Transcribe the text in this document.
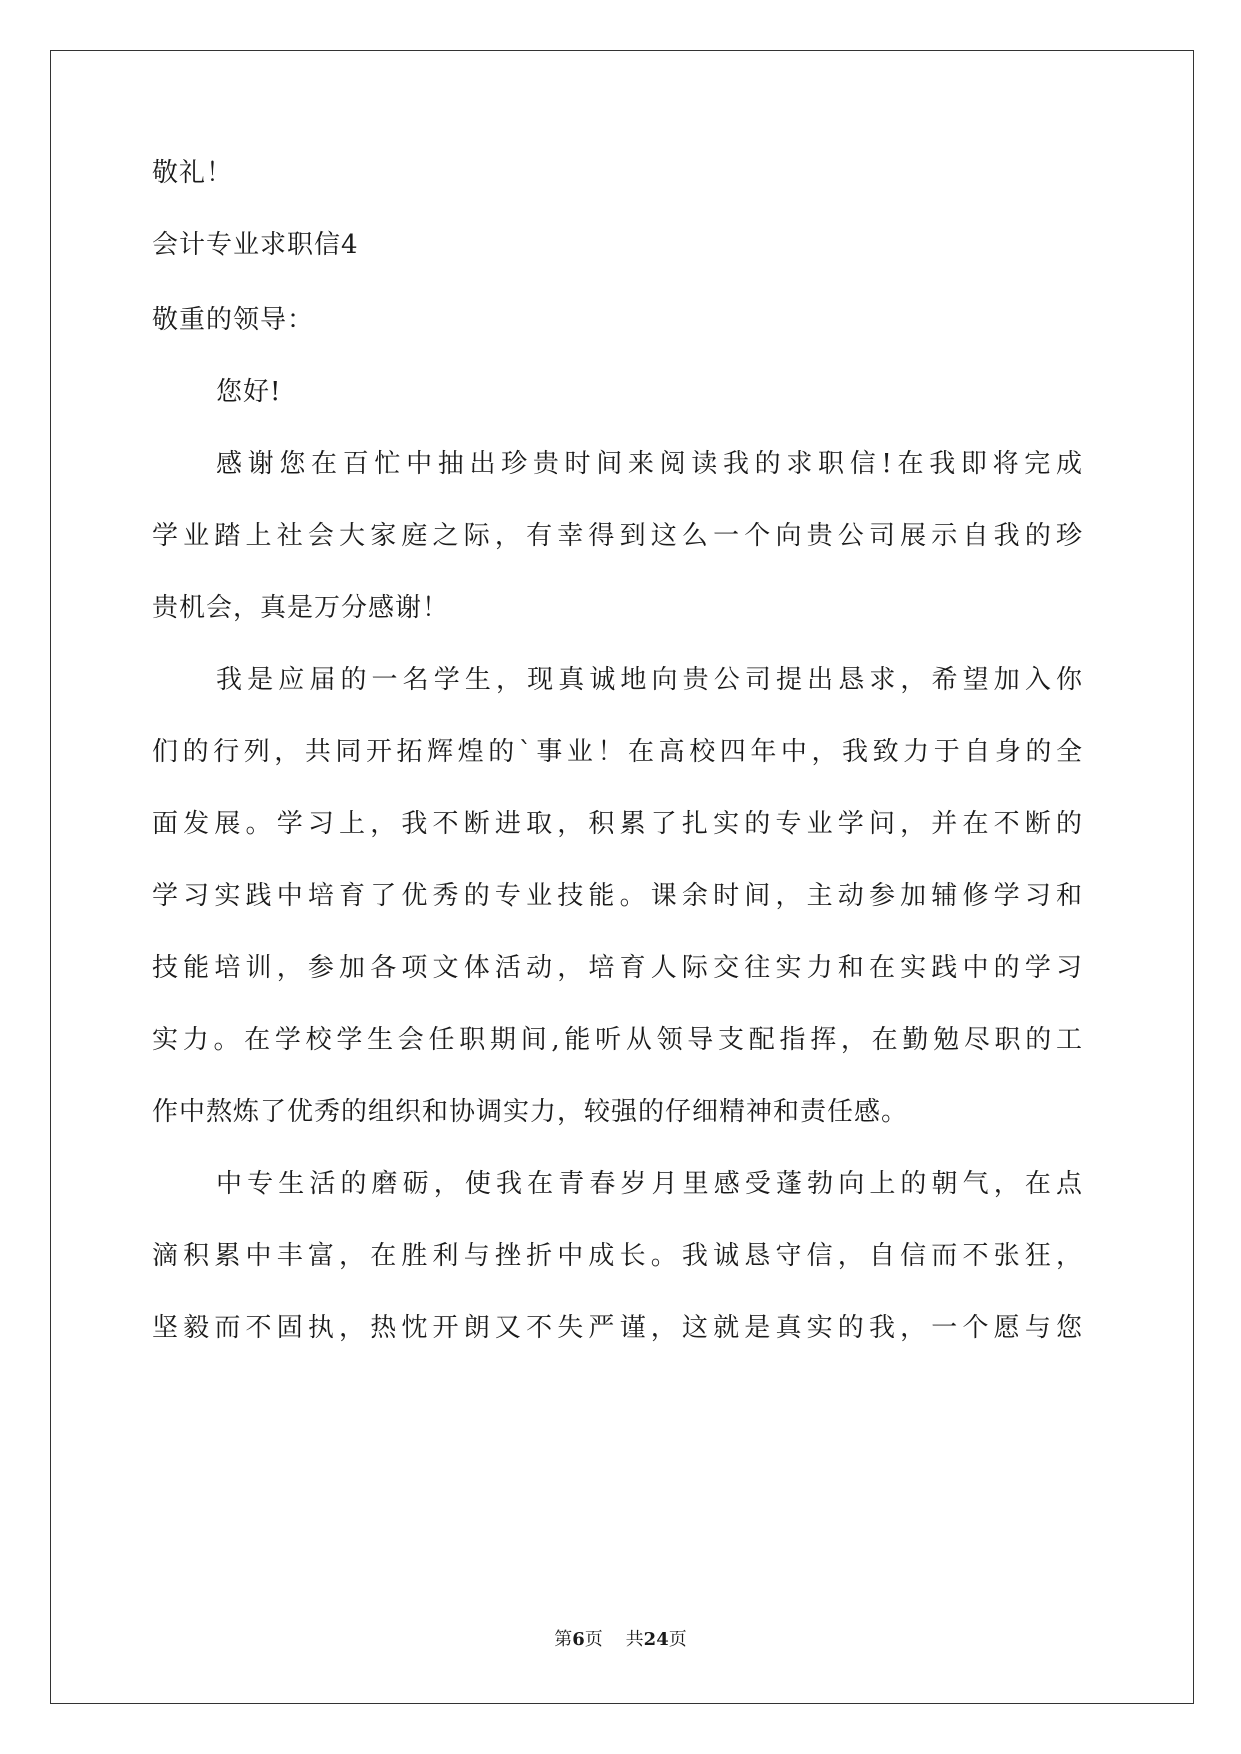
敬礼！
会计专业求职信4
敬重的领导：
您好!
感谢您在百忙中抽出珍贵时间来阅读我的求职信!在我即将完成
学业踏上社会大家庭之际，有幸得到这么一个向贵公司展示自我的珍
贵机会，真是万分感谢！
我是应届的一名学生，现真诚地向贵公司提出恳求，希望加入你
们的行列，共同开拓辉煌的`事业！在高校四年中，我致力于自身的全
面发展。学习上，我不断进取，积累了扎实的专业学问，并在不断的
学习实践中培育了优秀的专业技能。课余时间，主动参加辅修学习和
技能培训，参加各项文体活动，培育人际交往实力和在实践中的学习
实力。在学校学生会任职期间,能听从领导支配指挥，在勤勉尽职的工
作中熬炼了优秀的组织和协调实力，较强的仔细精神和责任感。
中专生活的磨砺，使我在青春岁月里感受蓬勃向上的朝气，在点
滴积累中丰富，在胜利与挫折中成长。我诚恳守信，自信而不张狂，
坚毅而不固执，热忱开朗又不失严谨，这就是真实的我，一个愿与您
第6页 共24页
